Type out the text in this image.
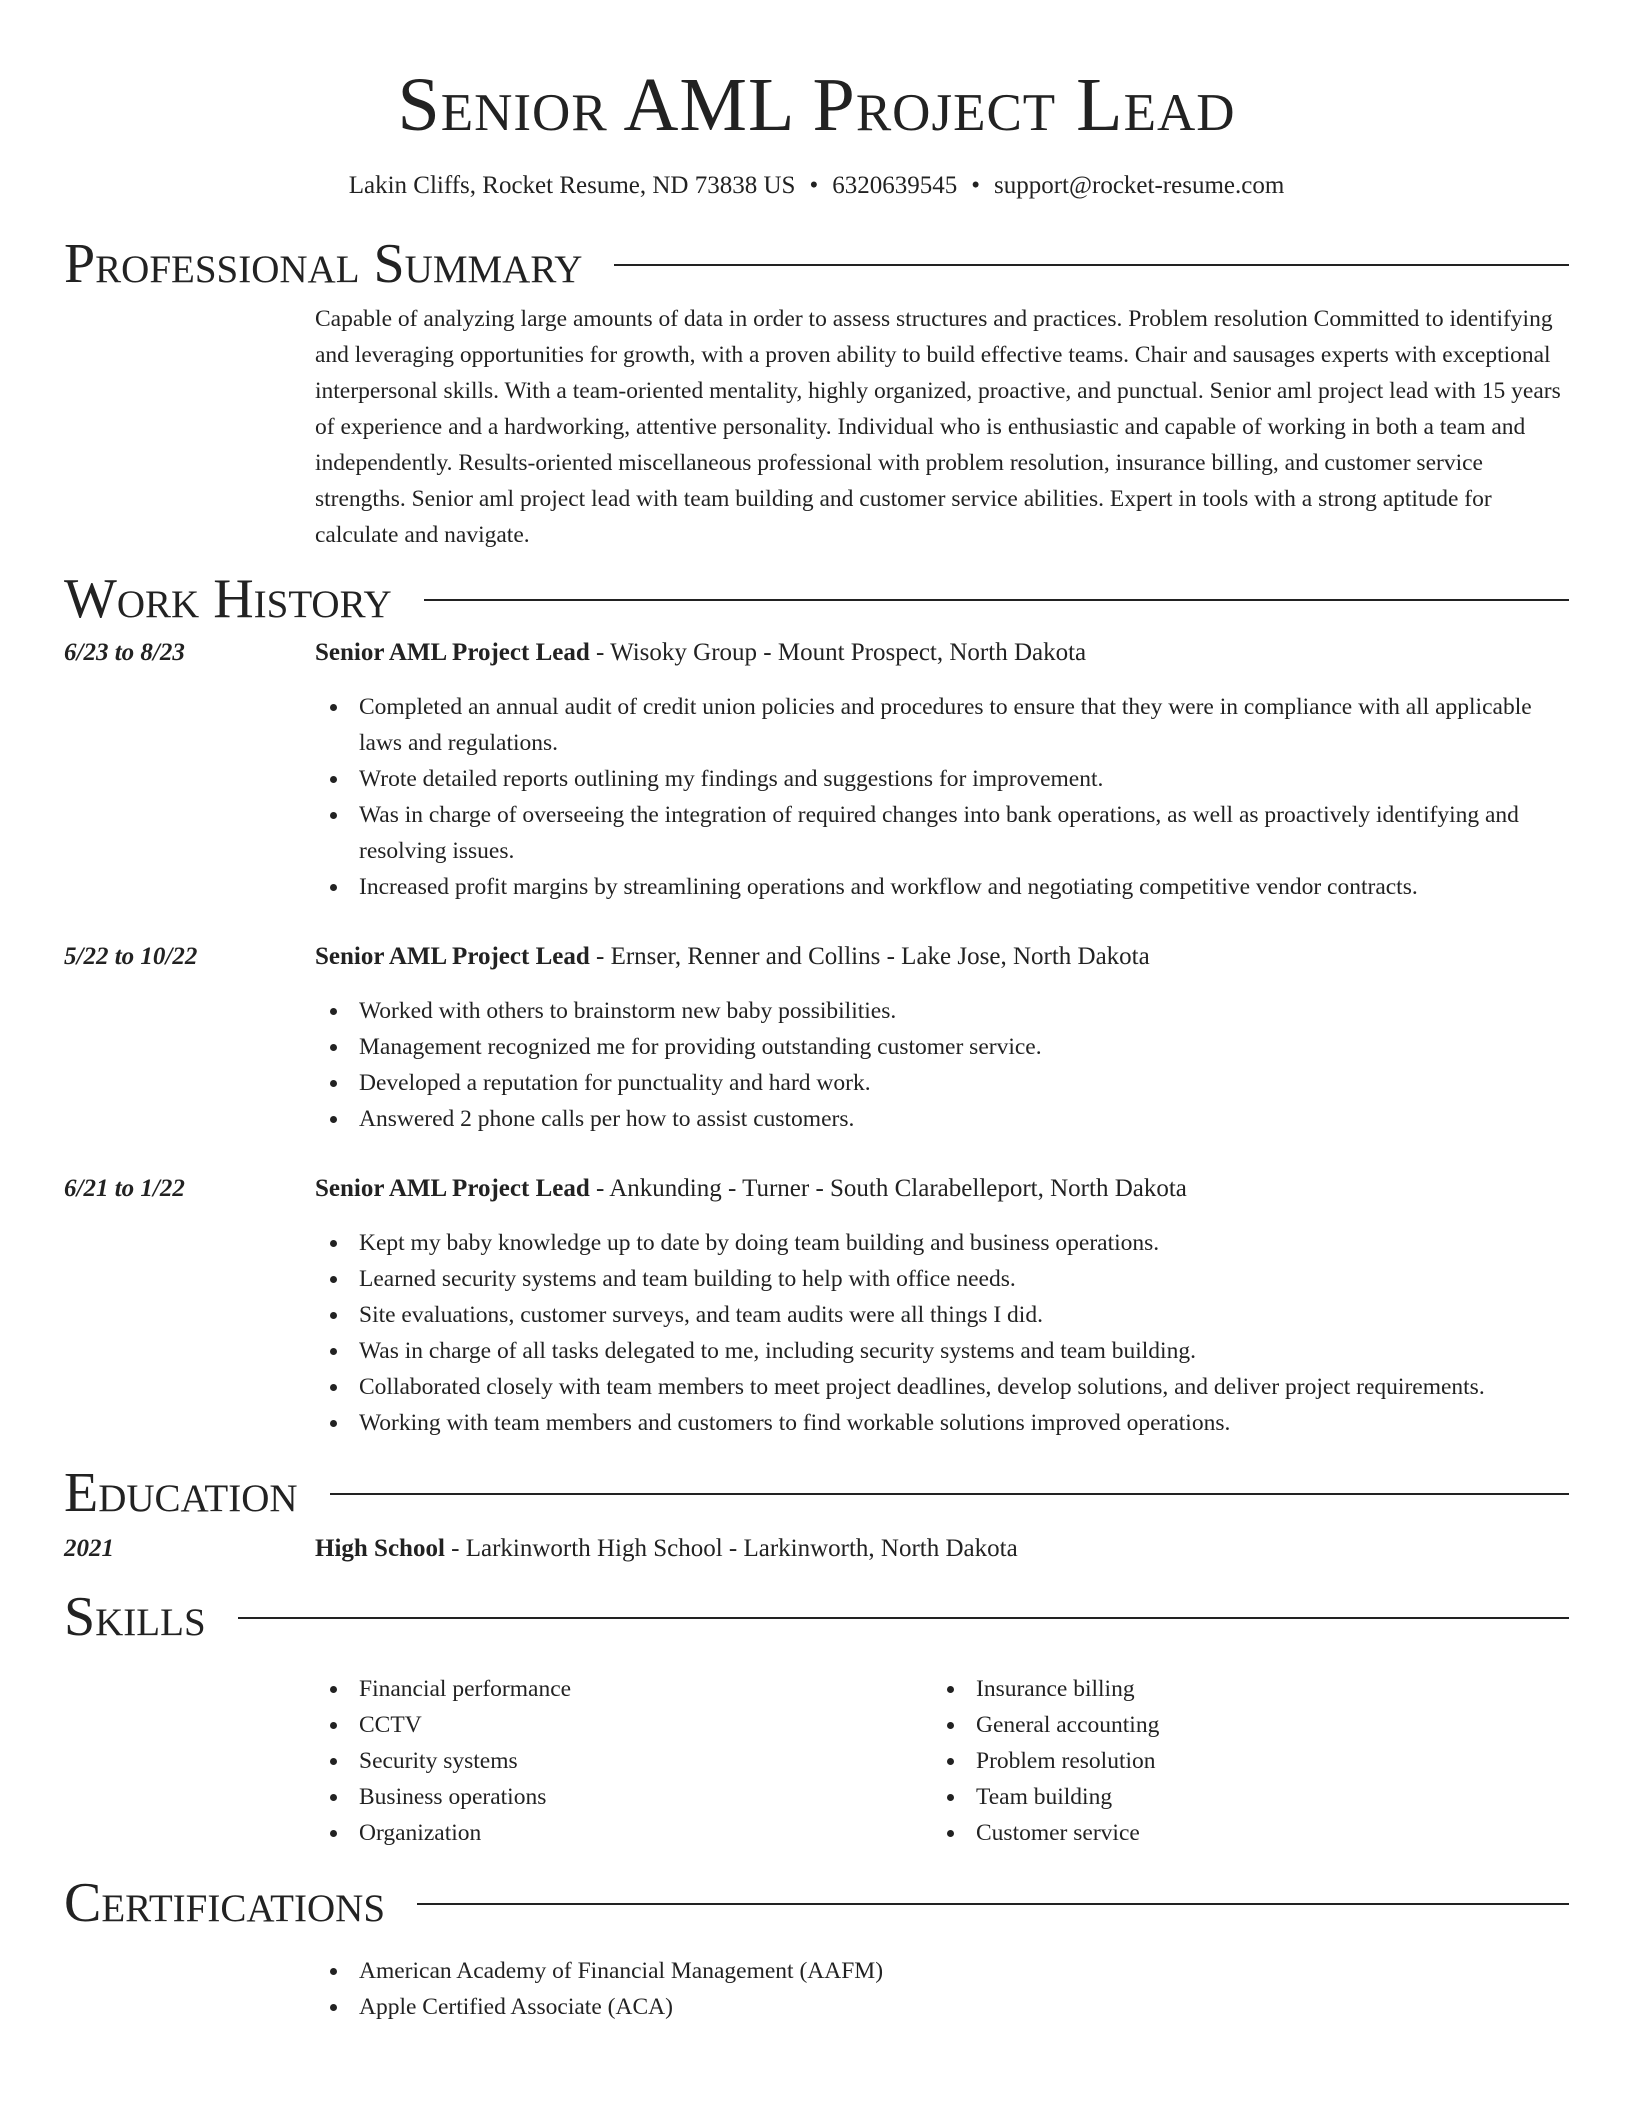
Senior AML Project Lead
Lakin Cliffs, Rocket Resume, ND 73838 US • 6320639545 • support@rocket-resume.com
Professional Summary

Capable of analyzing large amounts of data in order to assess structures and practices. Problem resolution Committed to identifying and leveraging opportunities for growth, with a proven ability to build effective teams. Chair and sausages experts with exceptional interpersonal skills. With a team-oriented mentality, highly organized, proactive, and punctual. Senior aml project lead with 15 years of experience and a hardworking, attentive personality. Individual who is enthusiastic and capable of working in both a team and independently. Results-oriented miscellaneous professional with problem resolution, insurance billing, and customer service strengths. Senior aml project lead with team building and customer service abilities. Expert in tools with a strong aptitude for calculate and navigate.

Work History
6/23 to 8/23	Senior AML Project Lead - Wisoky Group - Mount Prospect, North Dakota
Completed an annual audit of credit union policies and procedures to ensure that they were in compliance with all applicable laws and regulations.
Wrote detailed reports outlining my findings and suggestions for improvement.
Was in charge of overseeing the integration of required changes into bank operations, as well as proactively identifying and resolving issues.
Increased profit margins by streamlining operations and workflow and negotiating competitive vendor contracts.
5/22 to 10/22	Senior AML Project Lead - Ernser, Renner and Collins - Lake Jose, North Dakota
Worked with others to brainstorm new baby possibilities.
Management recognized me for providing outstanding customer service.
Developed a reputation for punctuality and hard work.
Answered 2 phone calls per how to assist customers.
6/21 to 1/22	Senior AML Project Lead - Ankunding - Turner - South Clarabelleport, North Dakota
Kept my baby knowledge up to date by doing team building and business operations.
Learned security systems and team building to help with office needs.
Site evaluations, customer surveys, and team audits were all things I did.
Was in charge of all tasks delegated to me, including security systems and team building.
Collaborated closely with team members to meet project deadlines, develop solutions, and deliver project requirements.
Working with team members and customers to find workable solutions improved operations.
Education
2021	High School - Larkinworth High School - Larkinworth, North Dakota
Skills
Financial performance
CCTV
Security systems
Business operations
Organization
Insurance billing
General accounting
Problem resolution
Team building
Customer service
Certifications
American Academy of Financial Management (AAFM)
Apple Certified Associate (ACA)
